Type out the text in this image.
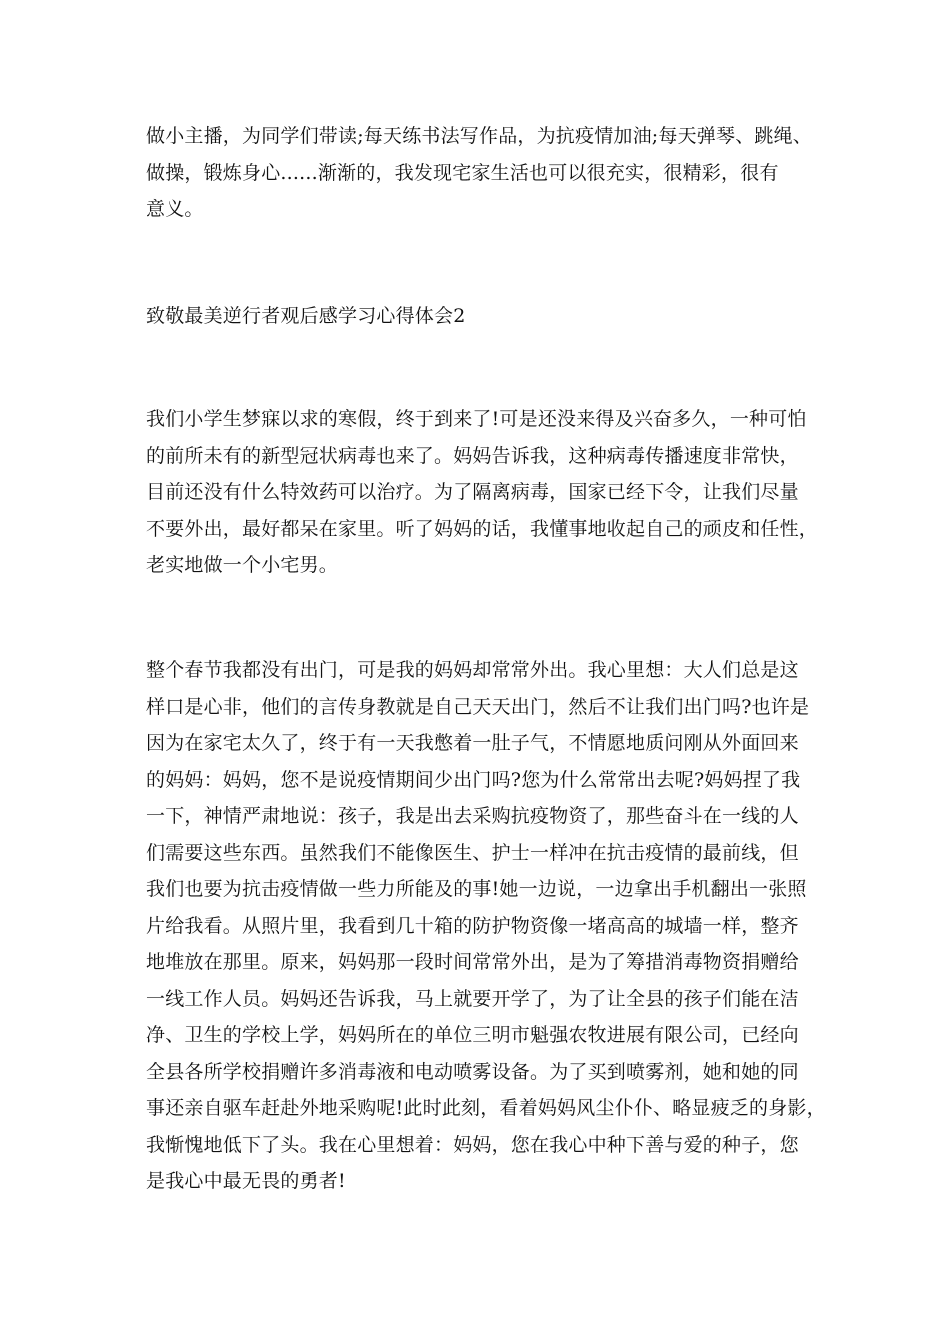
做小主播，为同学们带读;每天练书法写作品，为抗疫情加油;每天弹琴、跳绳、
做操，锻炼身心......渐渐的，我发现宅家生活也可以很充实，很精彩，很有
意义。
致敬最美逆行者观后感学习心得体会2
我们小学生梦寐以求的寒假，终于到来了!可是还没来得及兴奋多久，一种可怕
的前所未有的新型冠状病毒也来了。妈妈告诉我，这种病毒传播速度非常快，
目前还没有什么特效药可以治疗。为了隔离病毒，国家已经下令，让我们尽量
不要外出，最好都呆在家里。听了妈妈的话，我懂事地收起自己的顽皮和任性，
老实地做一个小宅男。
整个春节我都没有出门，可是我的妈妈却常常外出。我心里想：大人们总是这
样口是心非，他们的言传身教就是自己天天出门，然后不让我们出门吗?也许是
因为在家宅太久了，终于有一天我憋着一肚子气，不情愿地质问刚从外面回来
的妈妈：妈妈，您不是说疫情期间少出门吗?您为什么常常出去呢?妈妈捏了我
一下，神情严肃地说：孩子，我是出去采购抗疫物资了，那些奋斗在一线的人
们需要这些东西。虽然我们不能像医生、护士一样冲在抗击疫情的最前线，但
我们也要为抗击疫情做一些力所能及的事!她一边说，一边拿出手机翻出一张照
片给我看。从照片里，我看到几十箱的防护物资像一堵高高的城墙一样，整齐
地堆放在那里。原来，妈妈那一段时间常常外出，是为了筹措消毒物资捐赠给
一线工作人员。妈妈还告诉我，马上就要开学了，为了让全县的孩子们能在洁
净、卫生的学校上学，妈妈所在的单位三明市魁强农牧进展有限公司，已经向
全县各所学校捐赠许多消毒液和电动喷雾设备。为了买到喷雾剂，她和她的同
事还亲自驱车赶赴外地采购呢!此时此刻，看着妈妈风尘仆仆、略显疲乏的身影，
我惭愧地低下了头。我在心里想着：妈妈，您在我心中种下善与爱的种子，您
是我心中最无畏的勇者!
